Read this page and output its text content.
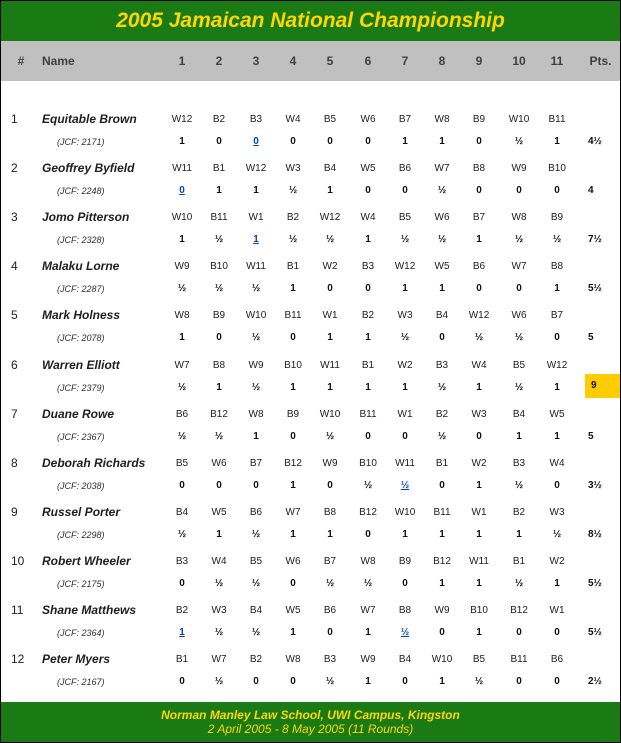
2005 Jamaican National Championship
#	Name	1	2	3	4	5	6	7	8	9	10	11	Pts.
1	Equitable Brown
(JCF: 2171)
W12	B2	B3	W4	B5	W6	B7	W8	B9	W10	B11
1	0	0	0	0	0	1	1	0	½	1	4½
2	Geoffrey Byfield
(JCF: 2248)
W11	B1	W12	W3	B4	W5	B6	W7	B8	W9	B10
0	1	1	½	1	0	0	½	0	0	0	4
3	Jomo Pitterson
(JCF: 2328)
W10	B11	W1	B2	W12	W4	B5	W6	B7	W8	B9
1	½	1	½	½	1	½	½	1	½	½	7½
4	Malaku Lorne
(JCF: 2287)
W9	B10	W11	B1	W2	B3	W12	W5	B6	W7	B8
½	½	½	1	0	0	1	1	0	0	1	5½
5	Mark Holness
(JCF: 2078)
W8	B9	W10	B11	W1	B2	W3	B4	W12	W6	B7
1	0	½	0	1	1	½	0	½	½	0	5
6	Warren Elliott
(JCF: 2379)
W7	B8	W9	B10	W11	B1	W2	B3	W4	B5	W12
½	1	½	1	1	1	1	½	1	½	1	9
7	Duane Rowe
(JCF: 2367)
B6	B12	W8	B9	W10	B11	W1	B2	W3	B4	W5
½	½	1	0	½	0	0	½	0	1	1	5
8	Deborah Richards
(JCF: 2038)
B5	W6	B7	B12	W9	B10	W11	B1	W2	B3	W4
0	0	0	1	0	½	½	0	1	½	0	3½
9	Russel Porter
(JCF: 2298)
B4	W5	B6	W7	B8	B12	W10	B11	W1	B2	W3
½	1	½	1	1	0	1	1	1	1	½	8½
10	Robert Wheeler
(JCF: 2175)
B3	W4	B5	W6	B7	W8	B9	B12	W11	B1	W2
0	½	½	0	½	½	0	1	1	½	1	5½
11	Shane Matthews
(JCF: 2364)
B2	W3	B4	W5	B6	W7	B8	W9	B10	B12	W1
1	½	½	1	0	1	½	0	1	0	0	5½
12	Peter Myers
(JCF: 2167)
B1	W7	B2	W8	B3	W9	B4	W10	B5	B11	B6
0	½	0	0	½	1	0	1	½	0	0	2½
Norman Manley Law School, UWI Campus, Kingston
2 April 2005 - 8 May 2005 (11 Rounds)
